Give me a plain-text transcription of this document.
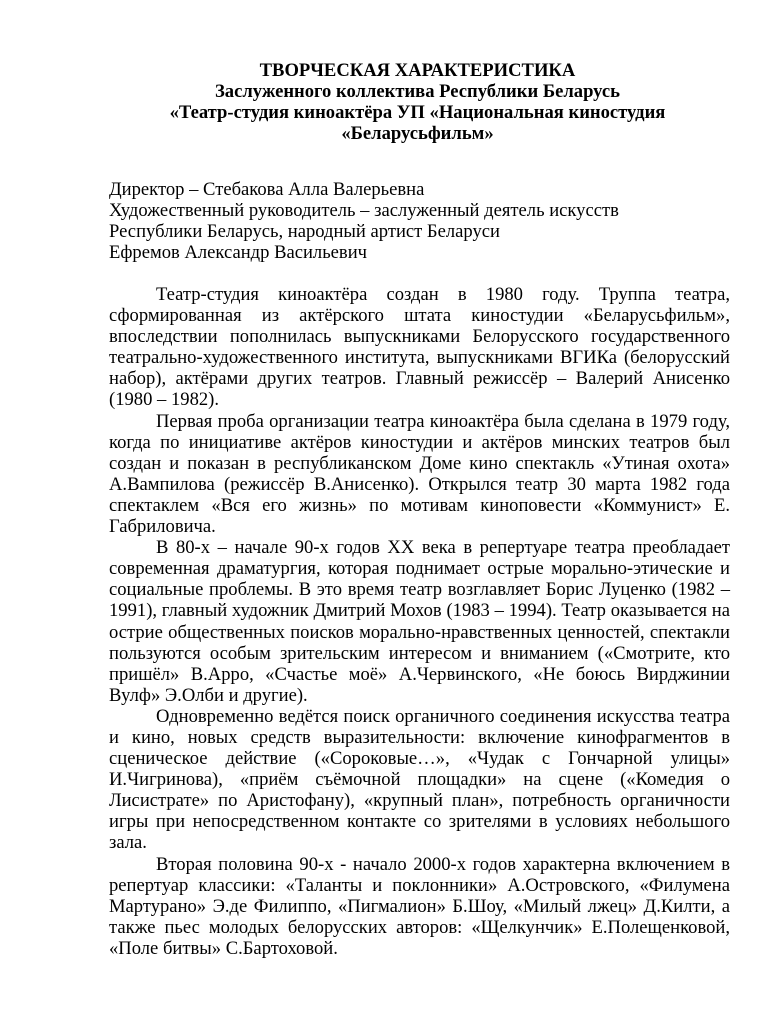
ТВОРЧЕСКАЯ ХАРАКТЕРИСТИКА
Заслуженного коллектива Республики Беларусь
«Театр-студия киноактёра УП «Национальная киностудия
«Беларусьфильм»
Директор – Стебакова Алла Валерьевна
Художественный руководитель – заслуженный деятель искусств
Республики Беларусь, народный артист Беларуси
Ефремов Александр Васильевич

Театр-студия киноактёра создан в 1980 году. Труппа театра, сформированная из актёрского штата киностудии «Беларусьфильм», впоследствии пополнилась выпускниками Белорусского государственного театрально-художественного института, выпускниками ВГИКа (белорусский набор), актёрами других театров. Главный режиссёр – Валерий Анисенко (1980 – 1982).

Первая проба организации театра киноактёра была сделана в 1979 году, когда по инициативе актёров киностудии и актёров минских театров был создан и показан в республиканском Доме кино спектакль «Утиная охота» А.Вампилова (режиссёр В.Анисенко). Открылся театр 30 марта 1982 года спектаклем «Вся его жизнь» по мотивам киноповести «Коммунист» Е. Габриловича.

В 80-х – начале 90-х годов XX века в репертуаре театра преобладает современная драматургия, которая поднимает острые морально-этические и социальные проблемы. В это время театр возглавляет Борис Луценко (1982 – 1991), главный художник Дмитрий Мохов (1983 – 1994). Театр оказывается на острие общественных поисков морально-нравственных ценностей, спектакли пользуются особым зрительским интересом и вниманием («Смотрите, кто пришёл» В.Арро, «Счастье моё» А.Червинского, «Не боюсь Вирджинии Вулф» Э.Олби и другие).

Одновременно ведётся поиск органичного соединения искусства театра и кино, новых средств выразительности: включение кинофрагментов в сценическое действие («Сороковые…», «Чудак с Гончарной улицы» И.Чигринова), «приём съёмочной площадки» на сцене («Комедия о Лисистрате» по Аристофану), «крупный план», потребность органичности игры при непосредственном контакте со зрителями в условиях небольшого зала.

Вторая половина 90-х - начало 2000-х годов характерна включением в репертуар классики: «Таланты и поклонники» А.Островского, «Филумена Мартурано» Э.де Филиппо, «Пигмалион» Б.Шоу, «Милый лжец» Д.Килти, а также пьес молодых белорусских авторов: «Щелкунчик» Е.Полещенковой, «Поле битвы» С.Бартоховой.
